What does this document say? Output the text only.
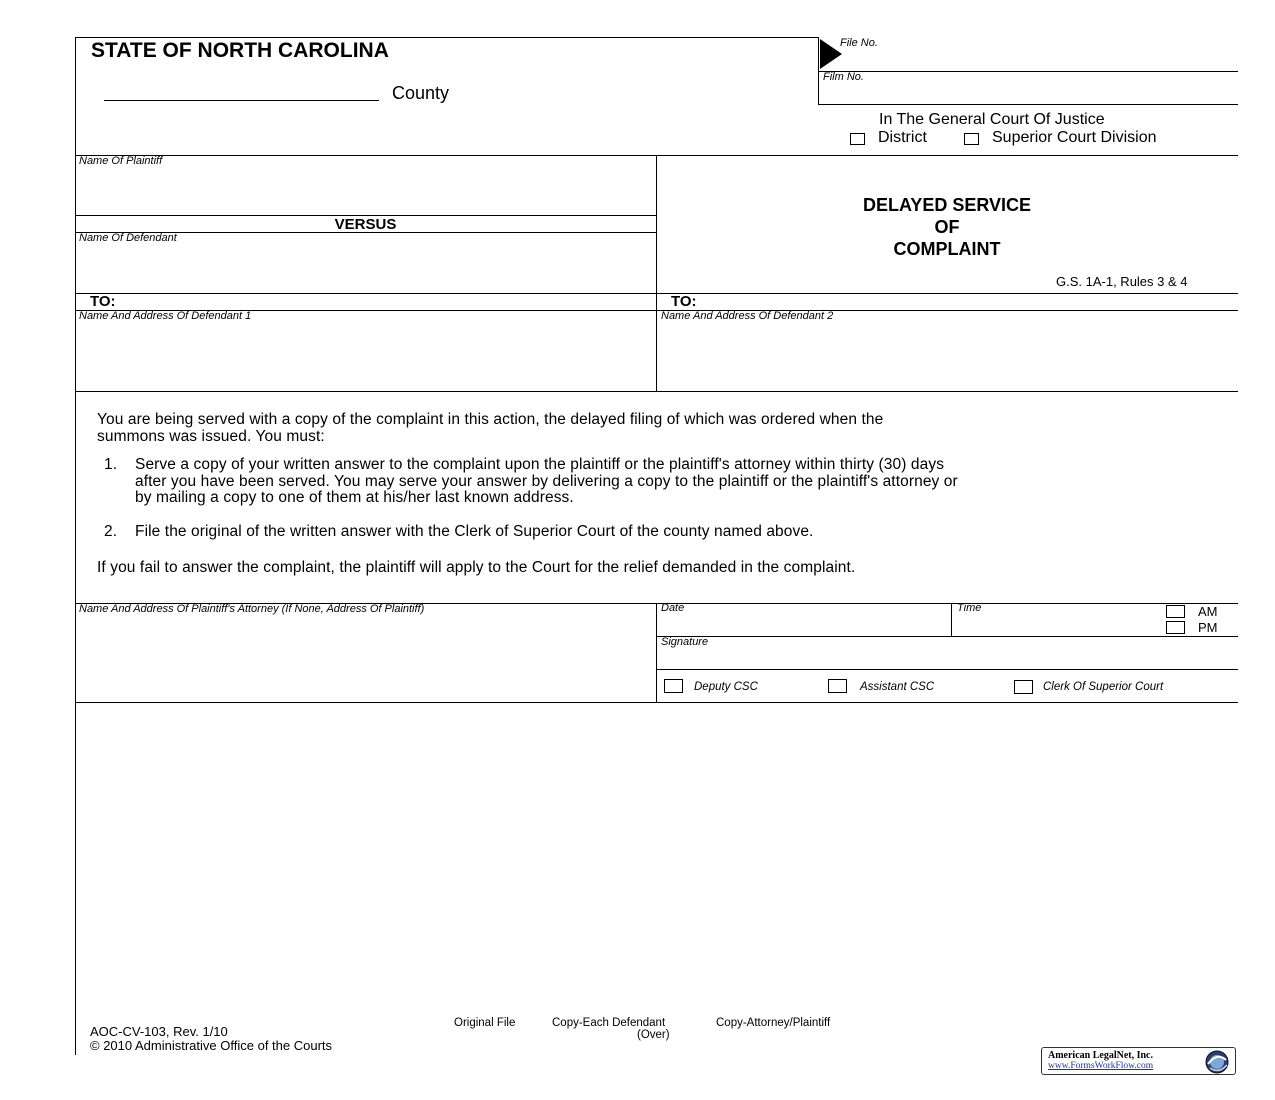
STATE OF NORTH CAROLINA
County
File No.
Film No.
In The General Court Of Justice
District	Superior Court Division
Name Of Plaintiff
VERSUS
Name Of Defendant
DELAYED SERVICE
OF
COMPLAINT
G.S. 1A-1, Rules 3 & 4
TO:	TO:
Name And Address Of Defendant 1	Name And Address Of Defendant 2
You are being served with a copy of the complaint in this action, the delayed filing of which was ordered when the
summons was issued. You must:
1. Serve a copy of your written answer to the complaint upon the plaintiff or the plaintiff's attorney within thirty (30) days
after you have been served. You may serve your answer by delivering a copy to the plaintiff or the plaintiff's attorney or
by mailing a copy to one of them at his/her last known address.
2. File the original of the written answer with the Clerk of Superior Court of the county named above.
If you fail to answer the complaint, the plaintiff will apply to the Court for the relief demanded in the complaint.
Name And Address Of Plaintiff's Attorney (If None, Address Of Plaintiff)	Date	Time	AM
PM
Signature
Deputy CSC	Assistant CSC	Clerk Of Superior Court
AOC-CV-103, Rev. 1/10
© 2010 Administrative Office of the Courts
Original File	Copy-Each Defendant
(Over)
Copy-Attorney/Plaintiff
American LegalNet, Inc.
www.FormsWorkFlow.com
